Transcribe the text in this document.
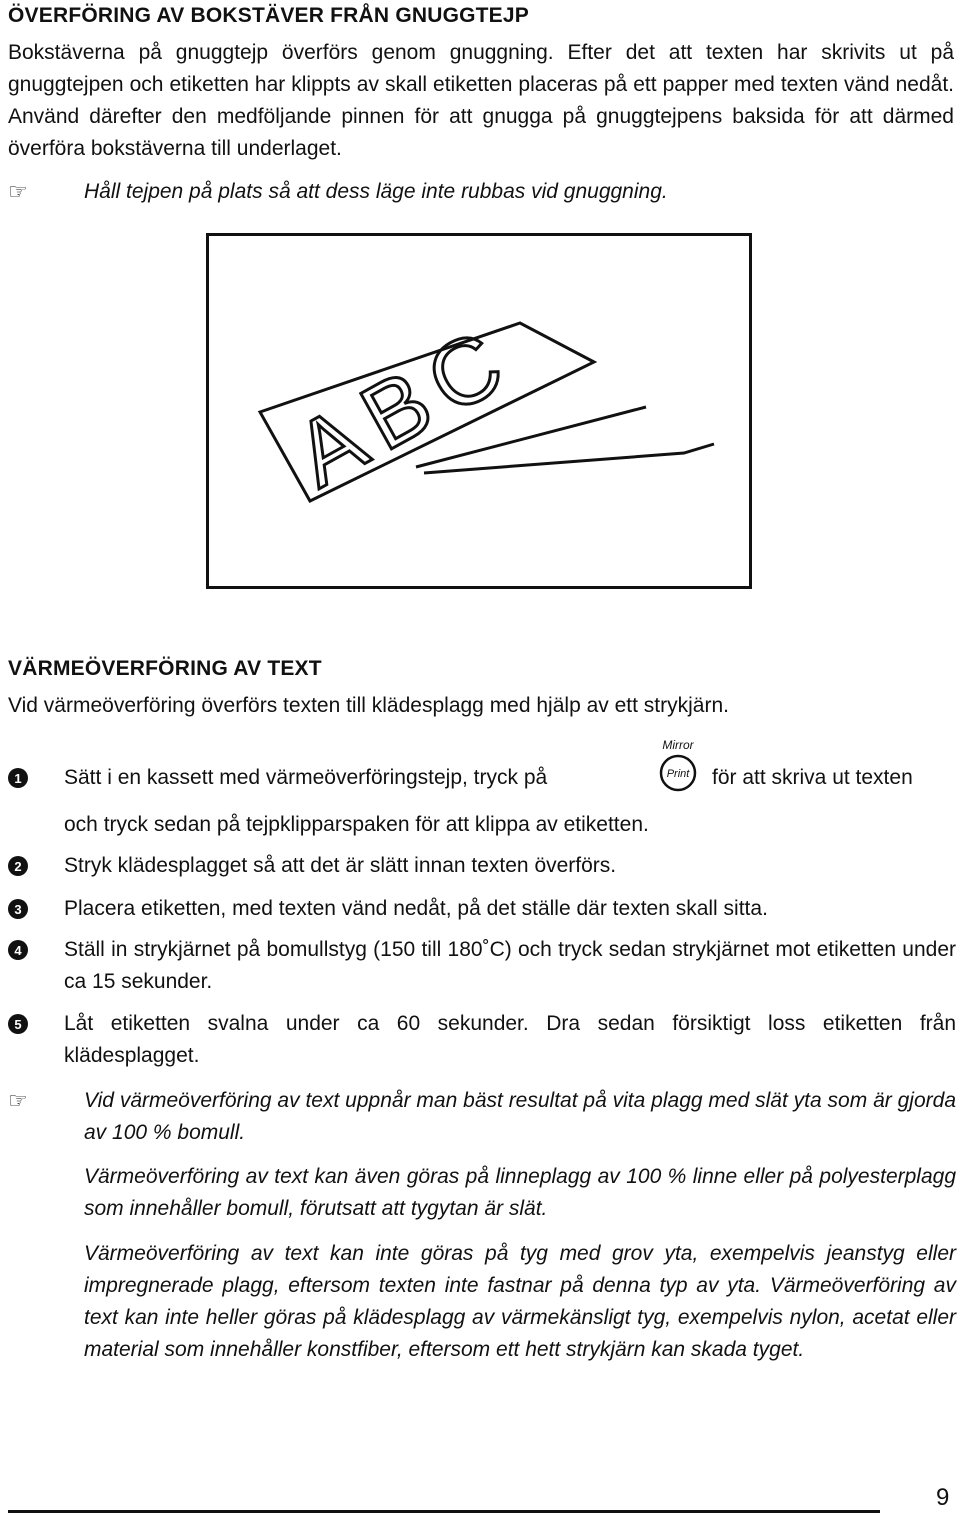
ÖVERFÖRING AV BOKSTÄVER FRÅN GNUGGTEJP

Bokstäverna på gnuggtejp överförs genom gnuggning. Efter det att texten har skrivits ut på gnuggtejpen och etiketten har klippts av skall etiketten placeras på ett papper med texten vänd nedåt. Använd därefter den medföljande pinnen för att gnugga på gnuggtejpens baksida för att därmed överföra bokstäverna till underlaget.

☞	Håll tejpen på plats så att dess läge inte rubbas vid gnuggning.

ABC
VÄRMEÖVERFÖRING AV TEXT

Vid värmeöverföring överförs texten till klädesplagg med hjälp av ett strykjärn.

1	Sätt i en kassett med värmeöverföringstejp, tryck på
Mirror
Print för att skriva ut texten

och tryck sedan på tejpklipparspaken för att klippa av etiketten.

2	Stryk klädesplagget så att det är slätt innan texten överförs.

3	Placera etiketten, med texten vänd nedåt, på det ställe där texten skall sitta.

4	Ställ in strykjärnet på bomullstyg (150 till 180˚C) och tryck sedan strykjärnet mot etiketten under ca 15 sekunder.

5	Låt etiketten svalna under ca 60 sekunder. Dra sedan försiktigt loss etiketten från klädesplagget.

☞	Vid värmeöverföring av text uppnår man bäst resultat på vita plagg med slät yta som är gjorda av 100 % bomull.

Värmeöverföring av text kan även göras på linneplagg av 100 % linne eller på polyesterplagg som innehåller bomull, förutsatt att tygytan är slät.

Värmeöverföring av text kan inte göras på tyg med grov yta, exempelvis jeanstyg eller impregnerade plagg, eftersom texten inte fastnar på denna typ av yta. Värmeöverföring av text kan inte heller göras på klädesplagg av värmekänsligt tyg, exempelvis nylon, acetat eller material som innehåller konstfiber, eftersom ett hett strykjärn kan skada tyget.

9
